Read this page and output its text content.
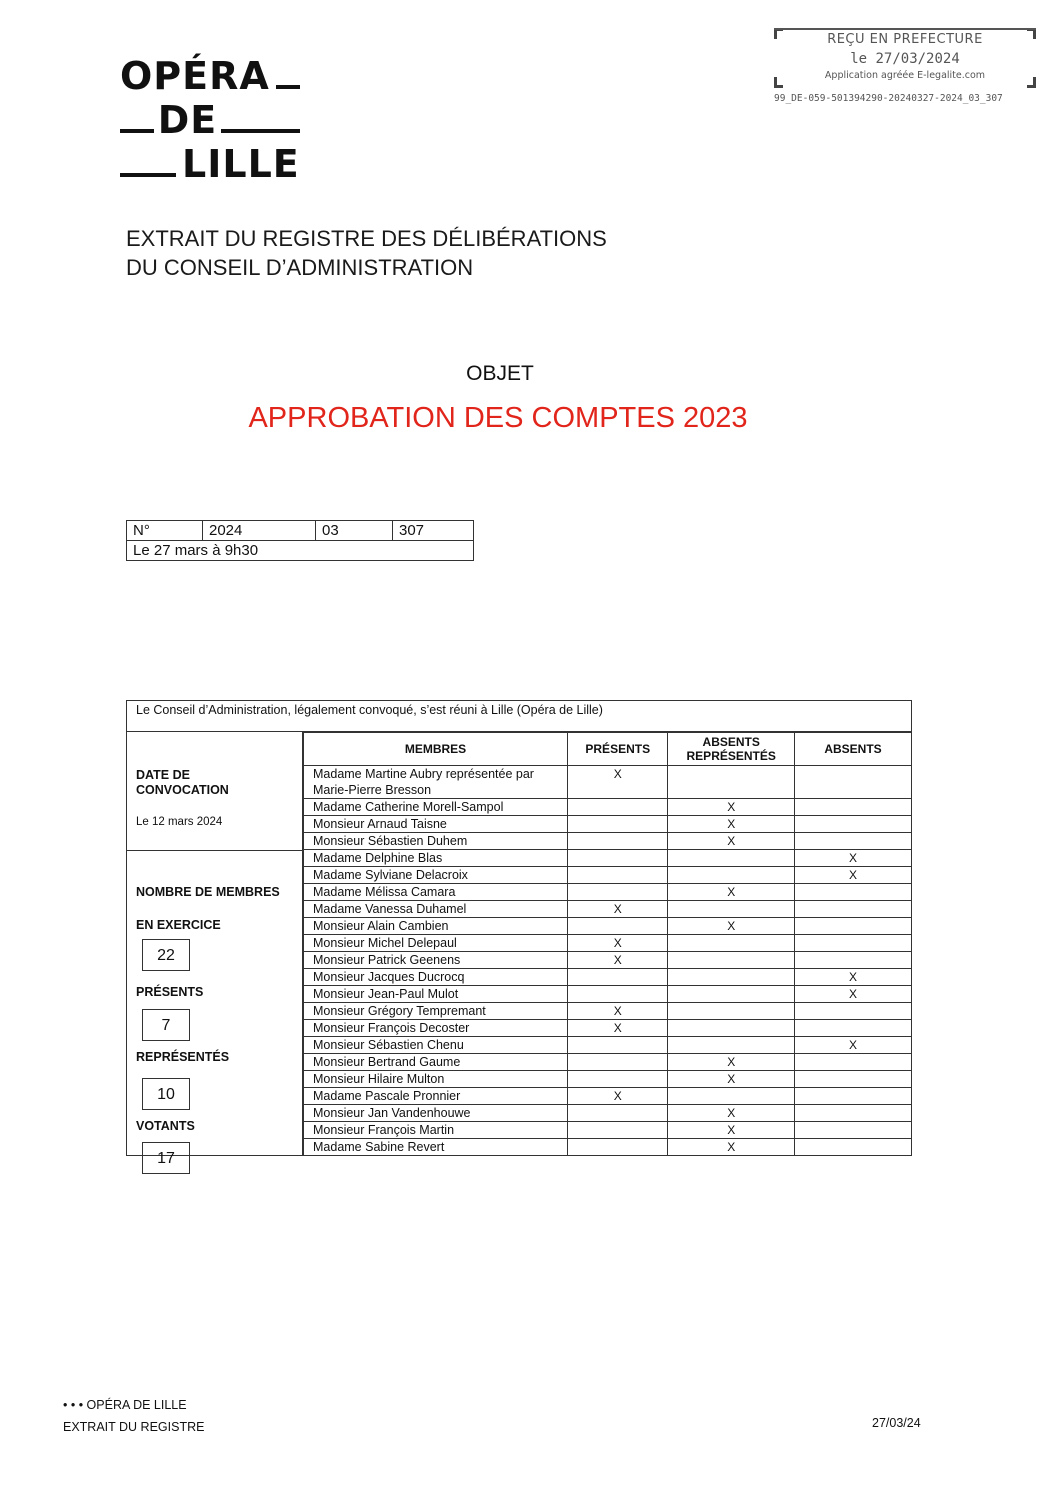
REÇU EN PREFECTURE
le 27/03/2024
Application agréée E-legalite.com
99_DE-059-501394290-20240327-2024_03_307
OPÉRA
DE
LILLE
EXTRAIT DU REGISTRE DES DÉLIBÉRATIONS
DU CONSEIL D’ADMINISTRATION
OBJET
APPROBATION DES COMPTES 2023
N°	2024	03	307
Le 27 mars à 9h30
Le Conseil d’Administration, légalement convoqué, s’est réuni à Lille (Opéra de Lille)
DATE DE CONVOCATION
Le 12 mars 2024
NOMBRE DE MEMBRES
EN EXERCICE
22
PRÉSENTS
7
REPRÉSENTÉS
10
VOTANTS
17
MEMBRES	PRÉSENTS	ABSENTS REPRÉSENTÉS	ABSENTS
Madame Martine Aubry représentée par Marie-Pierre Bresson	X		
Madame Catherine Morell-Sampol		X	
Monsieur Arnaud Taisne		X	
Monsieur Sébastien Duhem		X	
Madame Delphine Blas			X
Madame Sylviane Delacroix			X
Madame Mélissa Camara		X	
Madame Vanessa Duhamel	X		
Monsieur Alain Cambien		X	
Monsieur Michel Delepaul	X		
Monsieur Patrick Geenens	X		
Monsieur Jacques Ducrocq			X
Monsieur Jean-Paul Mulot			X
Monsieur Grégory Tempremant	X		
Monsieur François Decoster	X		
Monsieur Sébastien Chenu			X
Monsieur Bertrand Gaume		X	
Monsieur Hilaire Multon		X	
Madame Pascale Pronnier	X		
Monsieur Jan Vandenhouwe		X	
Monsieur François Martin		X	
Madame Sabine Revert		X	
• • • OPÉRA DE LILLE
EXTRAIT DU REGISTRE	27/03/24
